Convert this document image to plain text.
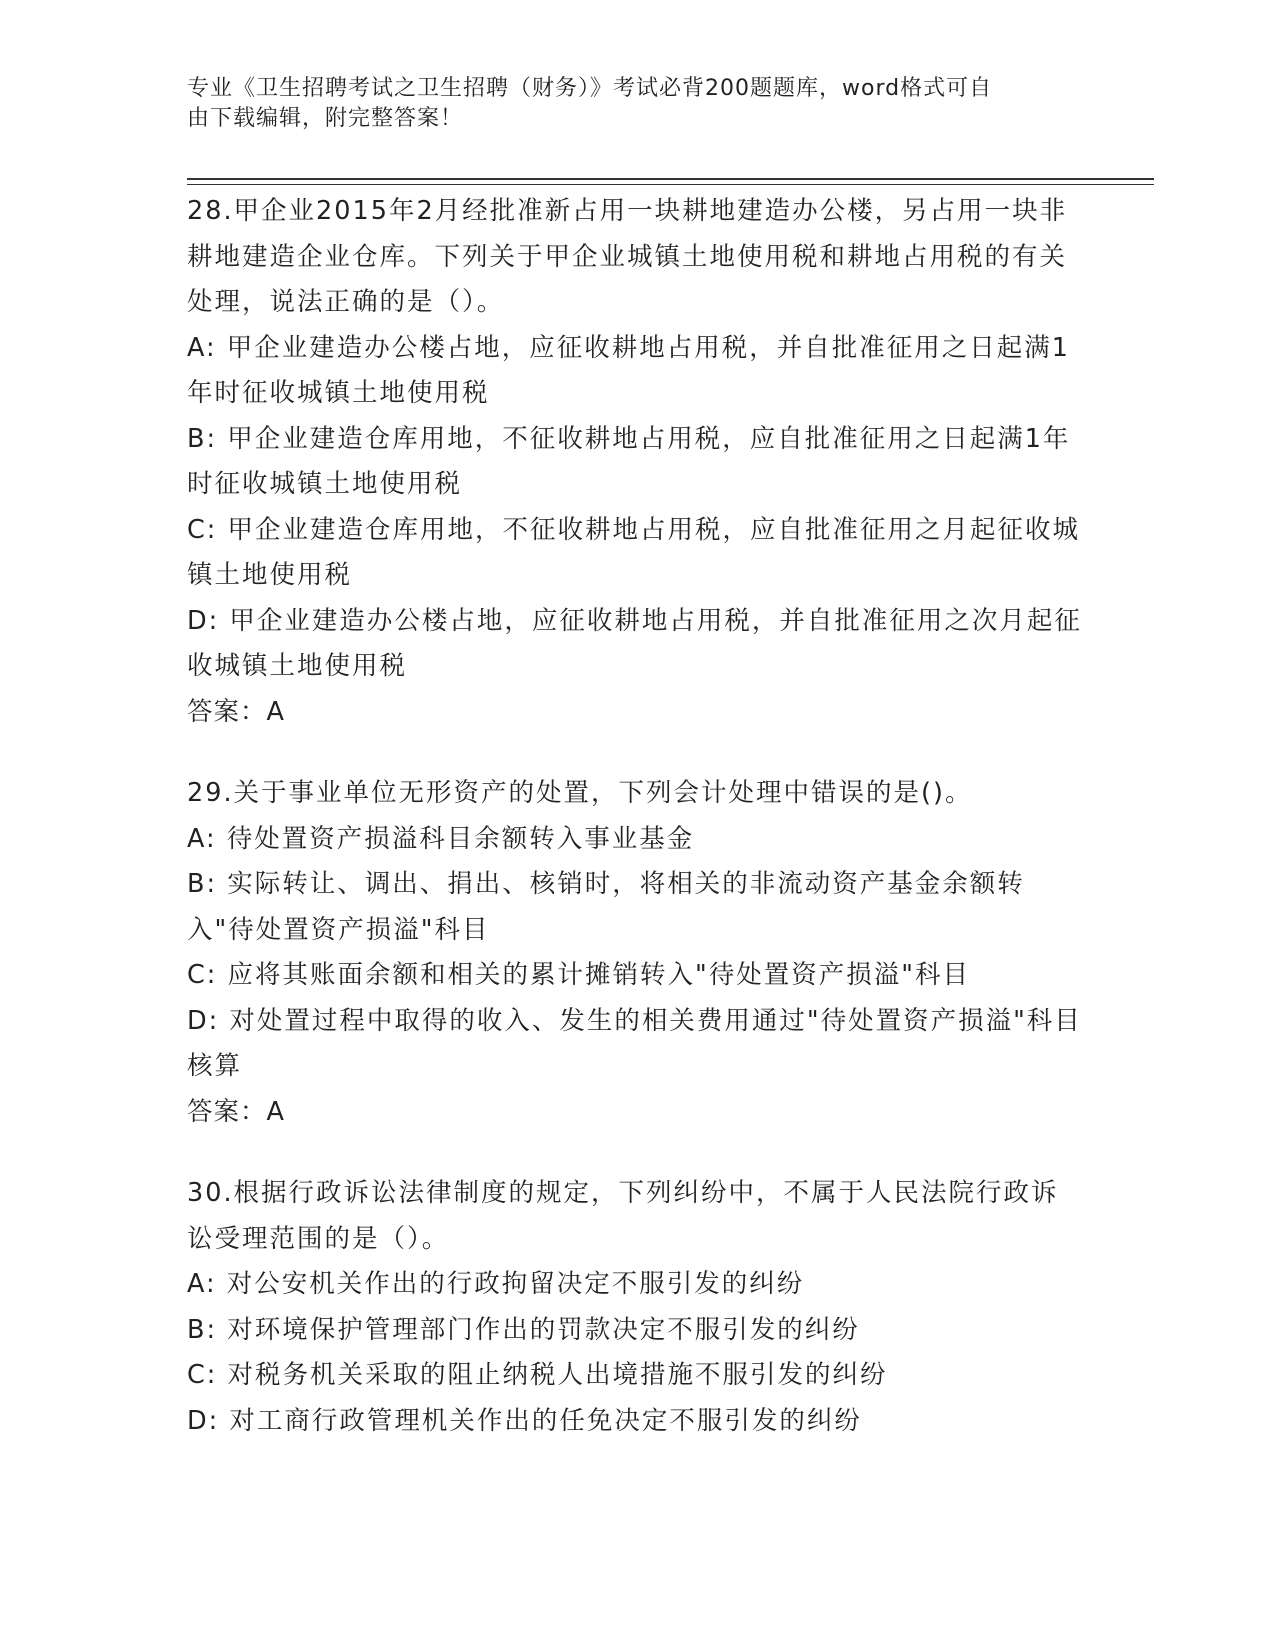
专业《卫生招聘考试之卫生招聘（财务）》考试必背200题题库，word格式可自
由下载编辑，附完整答案！

28.甲企业2015年2月经批准新占用一块耕地建造办公楼，另占用一块非耕地建造企业仓库。下列关于甲企业城镇土地使用税和耕地占用税的有关处理，说法正确的是（）。

A: 甲企业建造办公楼占地，应征收耕地占用税，并自批准征用之日起满1年时征收城镇土地使用税

B: 甲企业建造仓库用地，不征收耕地占用税，应自批准征用之日起满1年时征收城镇土地使用税

C: 甲企业建造仓库用地，不征收耕地占用税，应自批准征用之月起征收城镇土地使用税

D: 甲企业建造办公楼占地，应征收耕地占用税，并自批准征用之次月起征收城镇土地使用税

答案：A

29.关于事业单位无形资产的处置，下列会计处理中错误的是()。

A: 待处置资产损溢科目余额转入事业基金

B: 实际转让、调出、捐出、核销时，将相关的非流动资产基金余额转入"待处置资产损溢"科目

C: 应将其账面余额和相关的累计摊销转入"待处置资产损溢"科目

D: 对处置过程中取得的收入、发生的相关费用通过"待处置资产损溢"科目核算

答案：A

30.根据行政诉讼法律制度的规定，下列纠纷中，不属于人民法院行政诉讼受理范围的是（）。

A: 对公安机关作出的行政拘留决定不服引发的纠纷

B: 对环境保护管理部门作出的罚款决定不服引发的纠纷

C: 对税务机关采取的阻止纳税人出境措施不服引发的纠纷

D: 对工商行政管理机关作出的任免决定不服引发的纠纷
